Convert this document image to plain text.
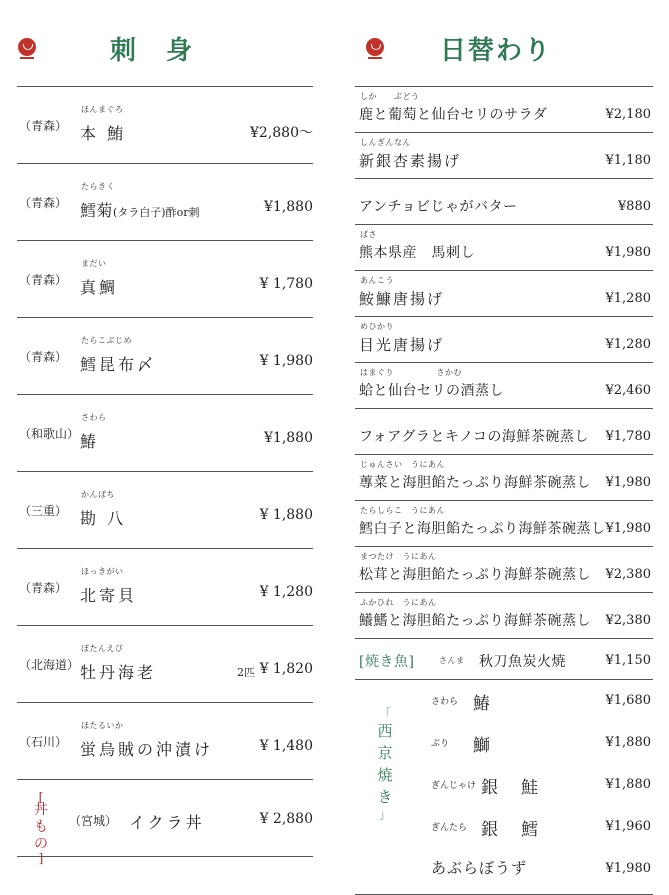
刺　身	日替わり
（青森）
ほんまぐろ
本 鮪	¥2,880〜
（青森）
たらきく
鱈菊(タラ白子)酢or刺	¥1,880
（青森）
まだい
真鯛	¥ 1,780
（青森）
たらこぶじめ
鱈昆布〆	¥ 1,980
（和歌山）
さわら
鰆	¥1,880
（三重）
かんぱち
勘 八	¥ 1,880
（青森）
ほっきがい
北寄貝	¥ 1,280
（北海道）
ぼたんえび
牡丹海老	2匹 ¥ 1,820
（石川）
ほたるいか
蛍烏賊の沖漬け	¥ 1,480
[
丼
も
の
]
（宮城） イクラ丼	¥ 2,880
しか　　ぶどう
鹿と葡萄と仙台セリのサラダ	¥2,180
しんぎんなん
新銀杏素揚げ	¥1,180
アンチョビじゃがバター	¥880
ばさ
熊本県産　馬刺し	¥1,980
あんこう
鮟鱇唐揚げ	¥1,280
めひかり
目光唐揚げ	¥1,280
はまぐり　　　　　さかむ
蛤と仙台セリの酒蒸し	¥2,460
フォアグラとキノコの海鮮茶碗蒸し ¥1,780
じゅんさい　うにあん
蓴菜と海胆餡たっぷり海鮮茶碗蒸し ¥1,980
たらしらこ　うにあん
鱈白子と海胆餡たっぷり海鮮茶碗蒸し ¥1,980
まつたけ　うにあん
松茸と海胆餡たっぷり海鮮茶碗蒸し ¥2,380
ふかひれ　うにあん
鱶鰭と海胆餡たっぷり海鮮茶碗蒸し ¥2,380
[焼き魚]	さんま 秋刀魚炭火焼	¥1,150
「
西
京
焼
き
」
さわら 鰆	¥1,680
ぶり 鰤	¥1,880
ぎんじゃけ 銀　鮭	¥1,880
ぎんたら 銀　鱈	¥1,960
あぶらぼうず	¥1,980
